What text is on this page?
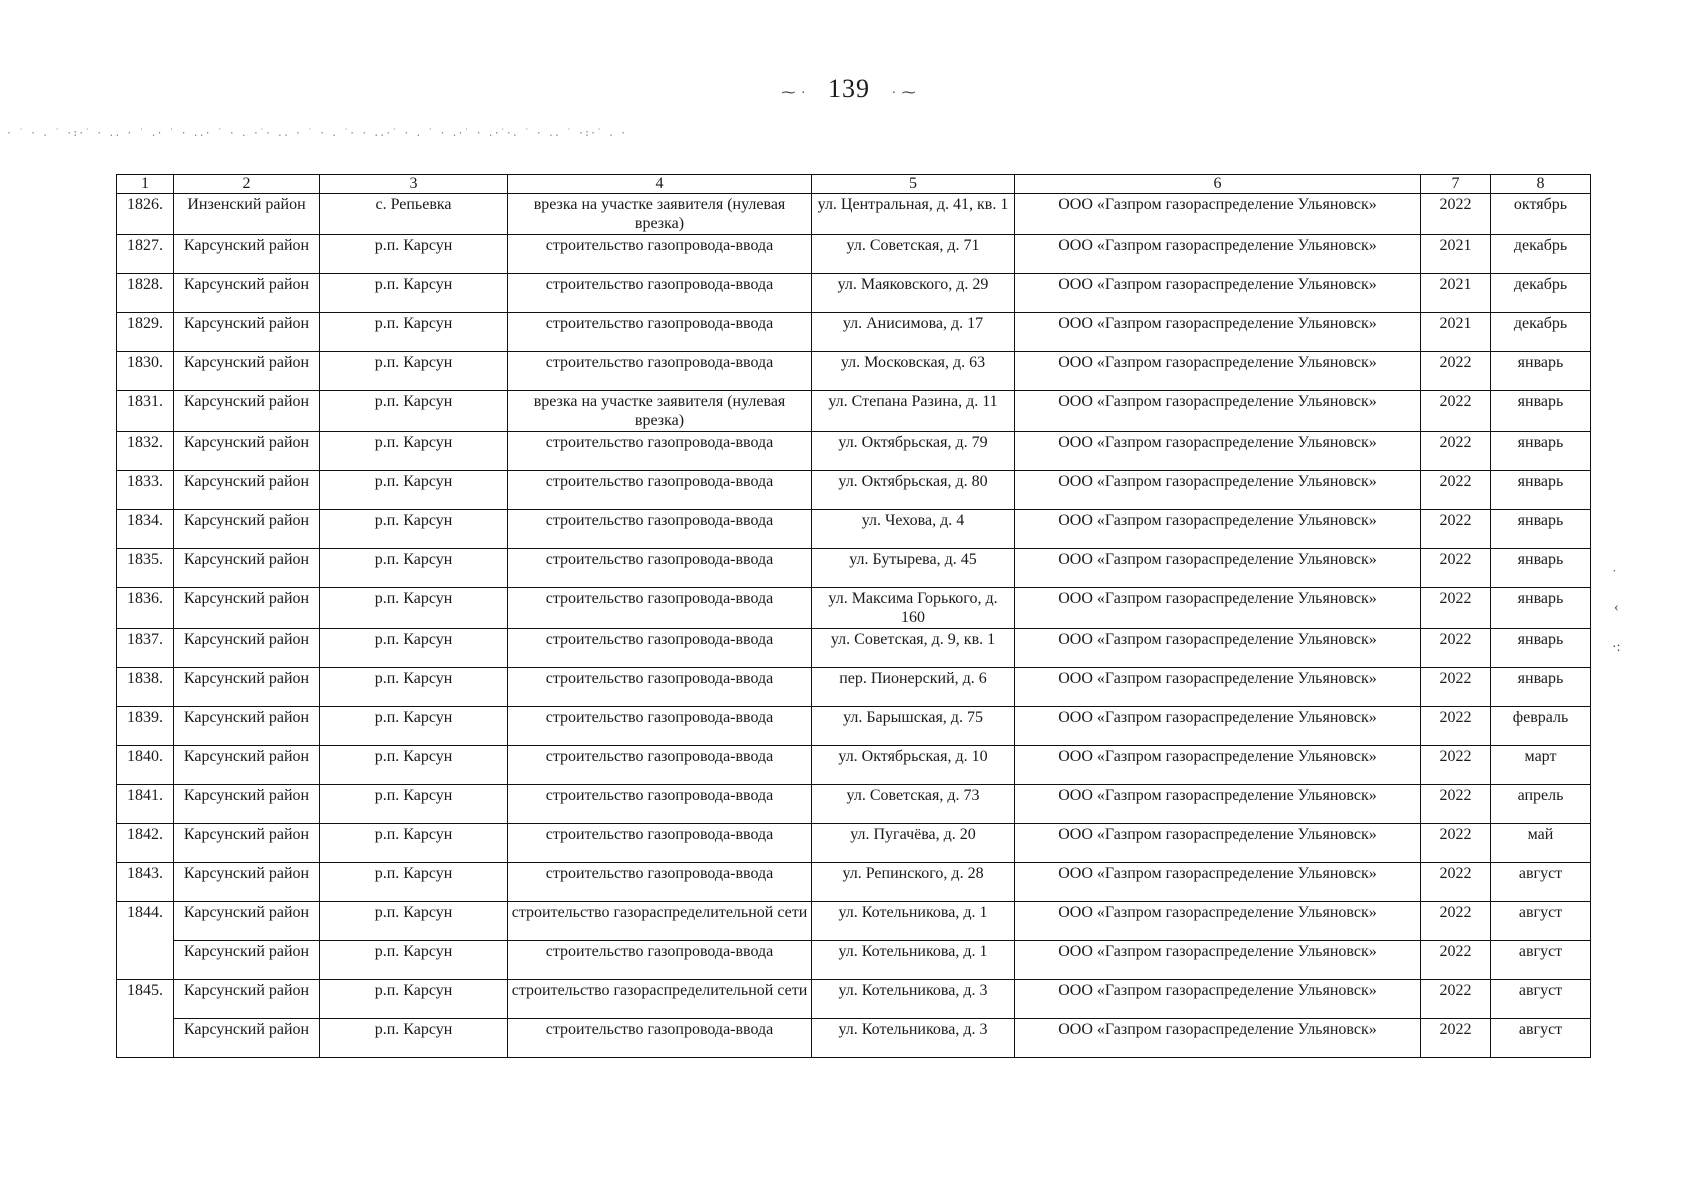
⁓ · 139 · ⁓
· ˙ · . ˙ ·:·˙ · .. · ˙ .· ˙ · ..· ˙ · . ·˙· .. · ˙ · . ˙· · ..·˙ · . ˙ · .·˙ · .·˙·. ˙ · .. ˙ ·:·˙ . ·
1	2	3	4	5	6	7	8
1826.	Инзенский район	с. Репьевка	врезка на участке заявителя (нулевая врезка)	ул. Центральная, д. 41, кв. 1	ООО «Газпром газораспределение Ульяновск»	2022	октябрь
1827.	Карсунский район	р.п. Карсун	строительство газопровода-ввода	ул. Советская, д. 71	ООО «Газпром газораспределение Ульяновск»	2021	декабрь
1828.	Карсунский район	р.п. Карсун	строительство газопровода-ввода	ул. Маяковского, д. 29	ООО «Газпром газораспределение Ульяновск»	2021	декабрь
1829.	Карсунский район	р.п. Карсун	строительство газопровода-ввода	ул. Анисимова, д. 17	ООО «Газпром газораспределение Ульяновск»	2021	декабрь
1830.	Карсунский район	р.п. Карсун	строительство газопровода-ввода	ул. Московская, д. 63	ООО «Газпром газораспределение Ульяновск»	2022	январь
1831.	Карсунский район	р.п. Карсун	врезка на участке заявителя (нулевая врезка)	ул. Степана Разина, д. 11	ООО «Газпром газораспределение Ульяновск»	2022	январь
1832.	Карсунский район	р.п. Карсун	строительство газопровода-ввода	ул. Октябрьская, д. 79	ООО «Газпром газораспределение Ульяновск»	2022	январь
1833.	Карсунский район	р.п. Карсун	строительство газопровода-ввода	ул. Октябрьская, д. 80	ООО «Газпром газораспределение Ульяновск»	2022	январь
1834.	Карсунский район	р.п. Карсун	строительство газопровода-ввода	ул. Чехова, д. 4	ООО «Газпром газораспределение Ульяновск»	2022	январь
1835.	Карсунский район	р.п. Карсун	строительство газопровода-ввода	ул. Бутырева, д. 45	ООО «Газпром газораспределение Ульяновск»	2022	январь
1836.	Карсунский район	р.п. Карсун	строительство газопровода-ввода	ул. Максима Горького, д. 160	ООО «Газпром газораспределение Ульяновск»	2022	январь
1837.	Карсунский район	р.п. Карсун	строительство газопровода-ввода	ул. Советская, д. 9, кв. 1	ООО «Газпром газораспределение Ульяновск»	2022	январь
1838.	Карсунский район	р.п. Карсун	строительство газопровода-ввода	пер. Пионерский, д. 6	ООО «Газпром газораспределение Ульяновск»	2022	январь
1839.	Карсунский район	р.п. Карсун	строительство газопровода-ввода	ул. Барышская, д. 75	ООО «Газпром газораспределение Ульяновск»	2022	февраль
1840.	Карсунский район	р.п. Карсун	строительство газопровода-ввода	ул. Октябрьская, д. 10	ООО «Газпром газораспределение Ульяновск»	2022	март
1841.	Карсунский район	р.п. Карсун	строительство газопровода-ввода	ул. Советская, д. 73	ООО «Газпром газораспределение Ульяновск»	2022	апрель
1842.	Карсунский район	р.п. Карсун	строительство газопровода-ввода	ул. Пугачёва, д. 20	ООО «Газпром газораспределение Ульяновск»	2022	май
1843.	Карсунский район	р.п. Карсун	строительство газопровода-ввода	ул. Репинского, д. 28	ООО «Газпром газораспределение Ульяновск»	2022	август
1844.	Карсунский район	р.п. Карсун	строительство газораспределительной сети	ул. Котельникова, д. 1	ООО «Газпром газораспределение Ульяновск»	2022	август
	Карсунский район	р.п. Карсун	строительство газопровода-ввода	ул. Котельникова, д. 1	ООО «Газпром газораспределение Ульяновск»	2022	август
1845.	Карсунский район	р.п. Карсун	строительство газораспределительной сети	ул. Котельникова, д. 3	ООО «Газпром газораспределение Ульяновск»	2022	август
	Карсунский район	р.п. Карсун	строительство газопровода-ввода	ул. Котельникова, д. 3	ООО «Газпром газораспределение Ульяновск»	2022	август
˙
‹
·:
